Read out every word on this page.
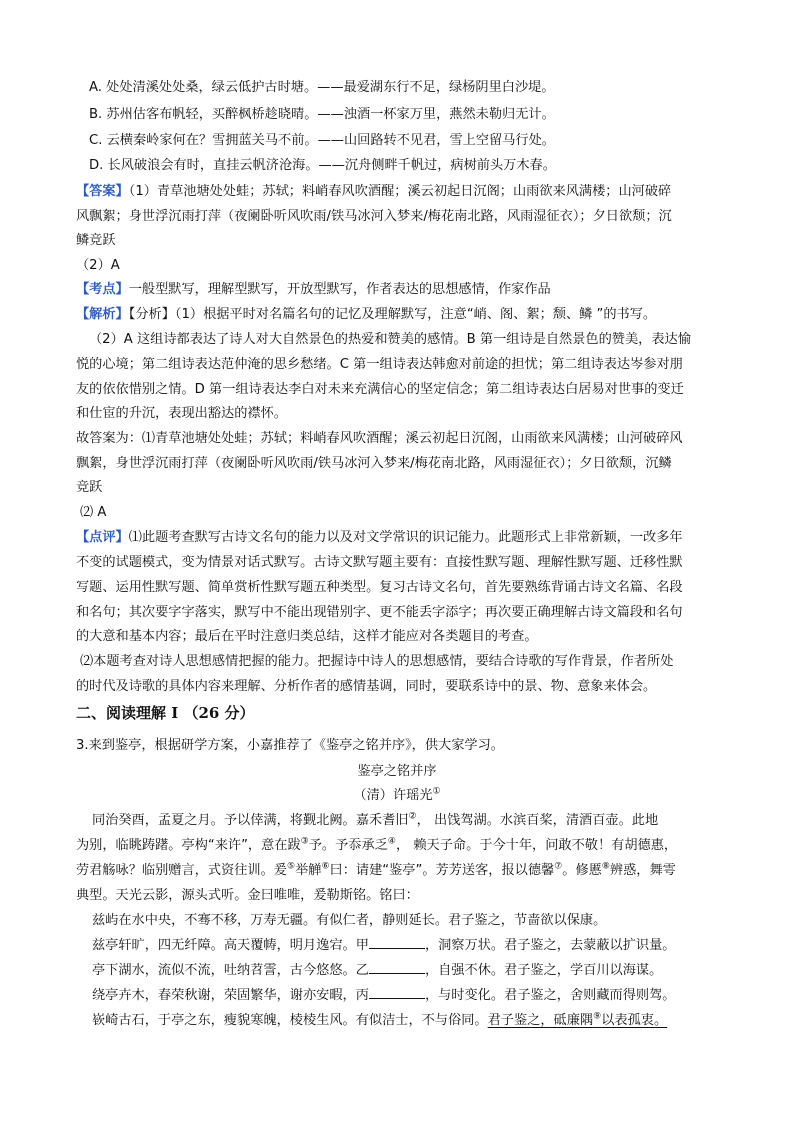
A. 处处清溪处处桑，绿云低护古时塘。——最爱湖东行不足，绿杨阴里白沙堤。
B. 苏州估客布帆轻，买醉枫桥趁晓晴。——浊酒一杯家万里，燕然未勒归无计。
C. 云横秦岭家何在？雪拥蓝关马不前。——山回路转不见君，雪上空留马行处。
D. 长风破浪会有时，直挂云帆济沧海。——沉舟侧畔千帆过，病树前头万木春。
【答案】（1）青草池塘处处蛙；苏轼；料峭春风吹酒醒；溪云初起日沉阁；山雨欲来风满楼；山河破碎
风飘絮；身世浮沉雨打萍（夜阑卧听风吹雨/铁马冰河入梦来/梅花南北路，风雨湿征衣）；夕日欲颓；沉
鳞竞跃
（2）A
【考点】一般型默写，理解型默写，开放型默写，作者表达的思想感情，作家作品
【解析】【分析】（1）根据平时对名篇名句的记忆及理解默写，注意“峭、阁、絮；颓、鳞 ”的书写。
（2）A 这组诗都表达了诗人对大自然景色的热爱和赞美的感情。B 第一组诗是自然景色的赞美，表达愉
悦的心境；第二组诗表达范仲淹的思乡愁绪。C 第一组诗表达韩愈对前途的担忧；第二组诗表达岑参对朋
友的依依惜别之情。D 第一组诗表达李白对未来充满信心的坚定信念；第二组诗表达白居易对世事的变迁
和仕宦的升沉，表现出豁达的襟怀。
故答案为：⑴青草池塘处处蛙；苏轼；料峭春风吹酒醒；溪云初起日沉阁，山雨欲来风满楼；山河破碎风
飘絮，身世浮沉雨打萍（夜阑卧听风吹雨/铁马冰河入梦来/梅花南北路，风雨湿征衣）；夕日欲颓，沉鳞
竞跃
⑵ A
【点评】⑴此题考查默写古诗文名句的能力以及对文学常识的识记能力。此题形式上非常新颖，一改多年
不变的试题模式，变为情景对话式默写。古诗文默写题主要有：直接性默写题、理解性默写题、迁移性默
写题、运用性默写题、简单赏析性默写题五种类型。复习古诗文名句，首先要熟练背诵古诗文名篇、名段
和名句；其次要字字落实，默写中不能出现错别字、更不能丢字添字；再次要正确理解古诗文篇段和名句
的大意和基本内容；最后在平时注意归类总结，这样才能应对各类题目的考查。
⑵本题考查对诗人思想感情把握的能力。把握诗中诗人的思想感情，要结合诗歌的写作背景，作者所处
的时代及诗歌的具体内容来理解、分析作者的感情基调，同时，要联系诗中的景、物、意象来体会。
二、阅读理解 I （26 分）
3.来到鉴亭，根据研学方案，小嘉推荐了《鉴亭之铭并序》，供大家学习。
鉴亭之铭并序
（清）许瑶光①
同治癸酉，孟夏之月。予以倖满，将觐北阙。嘉禾耆旧②， 出饯驾湖。水滨百桨，清酒百壶。此地
为别，临眺踌躇。亭构“来许”，意在跋③予。予忝承乏④， 赖天子命。于今十年，问敢不敬！有胡德惠，
劳君觞咏？临别赠言，式资往训。爰⑤举觯⑥曰：请建“鉴亭”。芳芳送客，报以德馨⑦。修慝⑧辨惑，舞雩
典型。天光云影，源头式听。金曰唯唯，爰勒斯铭。铭曰：
兹屿在水中央，不骞不移，万寿无疆。有似仁者，静则延长。君子鉴之，节啬欲以保康。
兹亭轩旷，四无纤障。高天覆帱，明月逸宕。甲	，洞察万状。君子鉴之，去蒙蔽以扩识量。
亭下湖水，流似不流，吐纳苕霅，古今悠悠。乙	，自强不休。君子鉴之，学百川以海谋。
绕亭卉木，春荣秋谢，荣固繁华，谢亦安暇，丙	，与时变化。君子鉴之，舍则藏而得则驾。
嵚崎古石，于亭之东，瘦貌寒魄，棱棱生风。有似洁士，不与俗同。君子鉴之，砥廉隅⑨以表孤衷。
